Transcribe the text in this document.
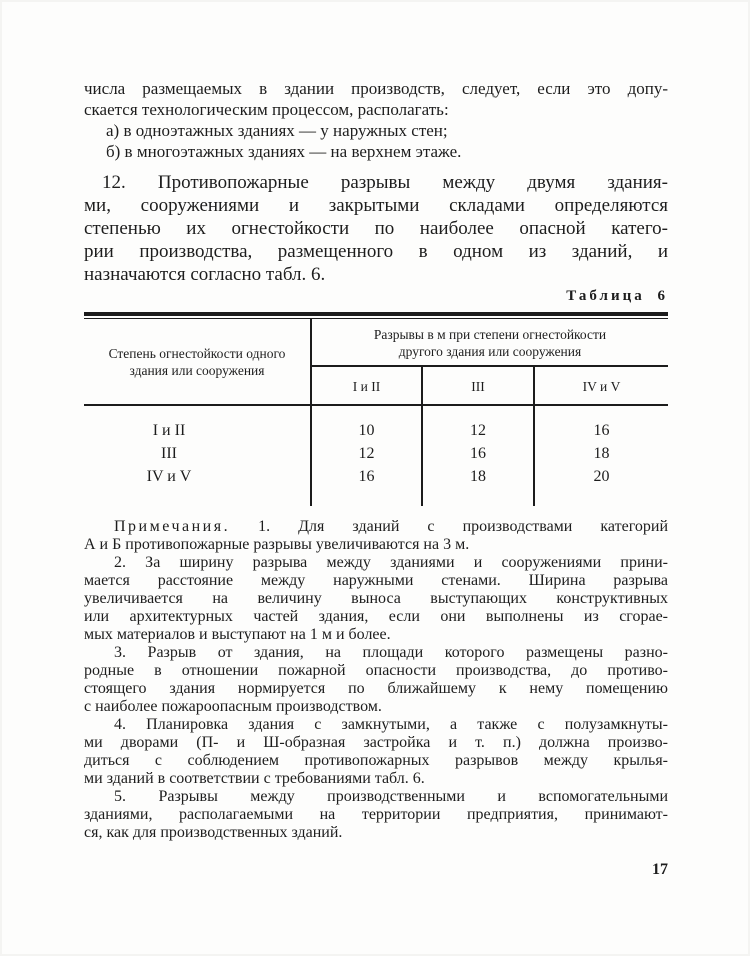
числа размещаемых в здании производств, следует, если это допу-
скается технологическим процессом, располагать:
а) в одноэтажных зданиях — у наружных стен;
б) в многоэтажных зданиях — на верхнем этаже.
12. Противопожарные разрывы между двумя здания-
ми, сооружениями и закрытыми складами определяются
степенью их огнестойкости по наиболее опасной катего-
рии производства, размещенного в одном из зданий, и
назначаются согласно табл. 6.
Таблица 6
Степень огнестойкости одного
здания или сооружения
Разрывы в м при степени огнестойкости
другого здания или сооружения
I и II	III	IV и V
I и II
III
IV и V
10
12
16
12
16
18
16
18
20
Примечания. 1. Для зданий с производствами категорий
А и Б противопожарные разрывы увеличиваются на 3 м.
2. За ширину разрыва между зданиями и сооружениями прини-
мается расстояние между наружными стенами. Ширина разрыва
увеличивается на величину выноса выступающих конструктивных
или архитектурных частей здания, если они выполнены из сгорае-
мых материалов и выступают на 1 м и более.
3. Разрыв от здания, на площади которого размещены разно-
родные в отношении пожарной опасности производства, до противо-
стоящего здания нормируется по ближайшему к нему помещению
с наиболее пожароопасным производством.
4. Планировка здания с замкнутыми, а также с полузамкнуты-
ми дворами (П- и Ш-образная застройка и т. п.) должна произво-
диться с соблюдением противопожарных разрывов между крылья-
ми зданий в соответствии с требованиями табл. 6.
5. Разрывы между производственными и вспомогательными
зданиями, располагаемыми на территории предприятия, принимают-
ся, как для производственных зданий.
17
